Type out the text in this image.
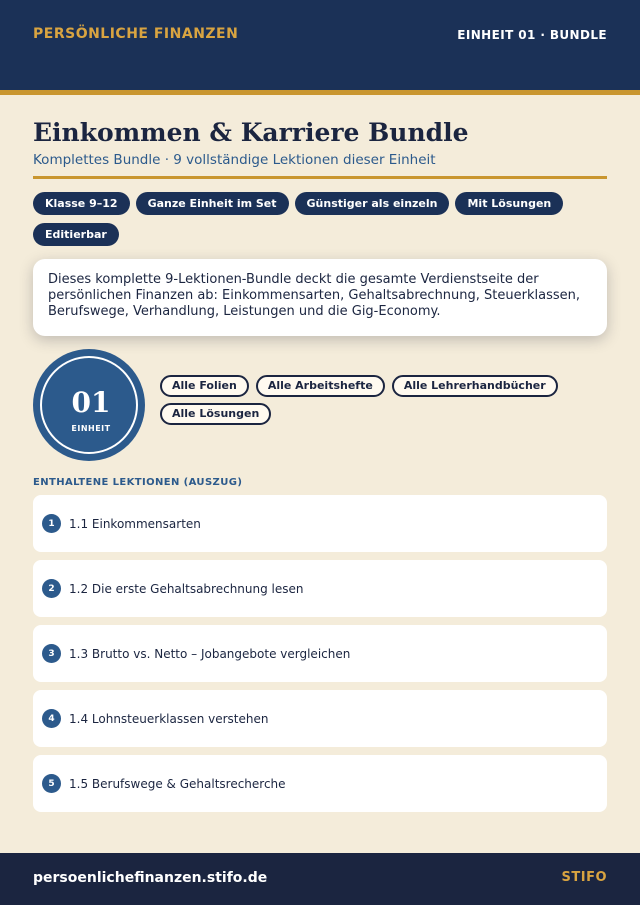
PERSÖNLICHE FINANZEN	EINHEIT 01 · BUNDLE
Einkommen & Karriere Bundle
Komplettes Bundle · 9 vollständige Lektionen dieser Einheit
Klasse 9–12	Ganze Einheit im Set	Günstiger als einzeln	Mit Lösungen
Editierbar

Dieses komplette 9-Lektionen-Bundle deckt die gesamte Verdienstseite der persönlichen Finanzen ab: Einkommensarten, Gehaltsabrechnung, Steuerklassen, Berufswege, Verhandlung, Leistungen und die Gig-Economy.

01
EINHEIT
Alle Folien	Alle Arbeitshefte	Alle Lehrerhandbücher
Alle Lösungen
ENTHALTENE LEKTIONEN (AUSZUG)
1	1.1 Einkommensarten
2	1.2 Die erste Gehaltsabrechnung lesen
3	1.3 Brutto vs. Netto – Jobangebote vergleichen
4	1.4 Lohnsteuerklassen verstehen
5	1.5 Berufswege & Gehaltsrecherche
persoenlichefinanzen.stifo.de	STIFO
